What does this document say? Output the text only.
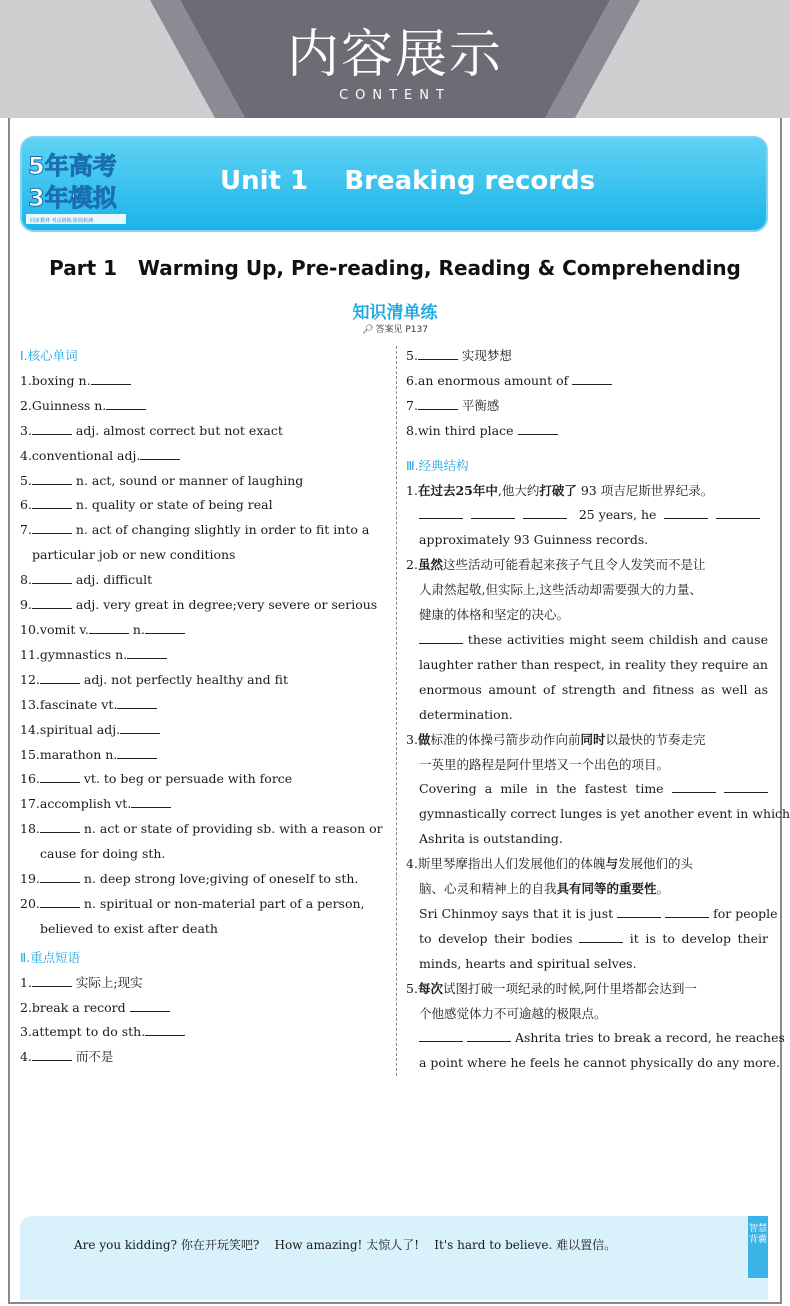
内容展示
CONTENT
5年高考
3年模拟
同步教材 考点训练 阶段检测
Unit 1    Breaking records
Part 1   Warming Up, Pre-reading, Reading & Comprehending
知识清单练
🔎︎ 答案见 P137
Ⅰ.核心单词
1.boxing n.
2.Guinness n.
3.	adj. almost correct but not exact
4.conventional adj.
5.	n. act, sound or manner of laughing
6.	n. quality or state of being real
7.	n. act of changing slightly in order to fit into a
particular job or new conditions
8.	adj. difficult
9.	adj. very great in degree;very severe or serious
10.vomit v.	n.
11.gymnastics n.
12.	adj. not perfectly healthy and fit
13.fascinate vt.
14.spiritual adj.
15.marathon n.
16.	vt. to beg or persuade with force
17.accomplish vt.
18.	n. act or state of providing sb. with a reason or
cause for doing sth.
19.	n. deep strong love;giving of oneself to sth.
20.	n. spiritual or non-material part of a person,
believed to exist after death
Ⅱ.重点短语
1.	实际上;现实
2.break a record
3.attempt to do sth.
4.	而不是
5.	实现梦想
6.an enormous amount of
7.	平衡感
8.win third place
Ⅲ.经典结构
1.在过去25年中,他大约打破了 93 项吉尼斯世界纪录。
25 years, he
approximately 93 Guinness records.
2.虽然这些活动可能看起来孩子气且令人发笑而不是让
人肃然起敬,但实际上,这些活动却需要强大的力量、
健康的体格和坚定的决心。
these activities might seem childish and cause
laughter rather than respect, in reality they require an
enormous amount of strength and fitness as well as
determination.
3.做标准的体操弓箭步动作向前同时以最快的节奏走完
一英里的路程是阿什里塔又一个出色的项目。
Covering a mile in the fastest time
gymnastically correct lunges is yet another event in which
Ashrita is outstanding.
4.斯里琴摩指出人们发展他们的体魄与发展他们的头
脑、心灵和精神上的自我具有同等的重要性。
Sri Chinmoy says that it is just	for people
to develop their bodies	it is to develop their
minds, hearts and spiritual selves.
5.每次试图打破一项纪录的时候,阿什里塔都会达到一
个他感觉体力不可逾越的极限点。
Ashrita tries to break a record, he reaches
a point where he feels he cannot physically do any more.
Are you kidding? 你在开玩笑吧?    How amazing! 太惊人了!    It's hard to believe. 难以置信。
智慧背囊
